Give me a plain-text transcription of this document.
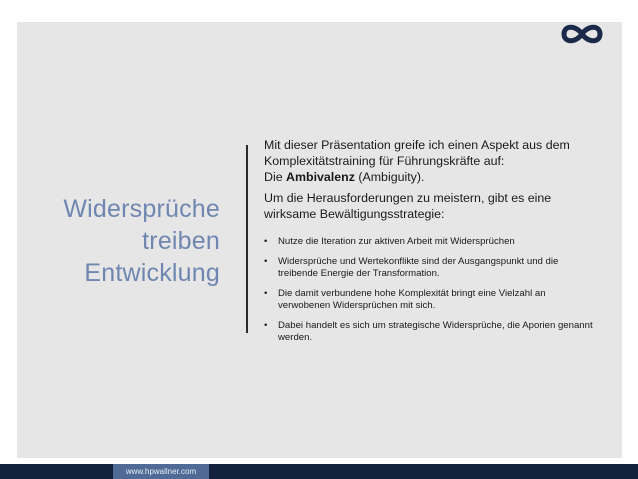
Widersprüche
treiben
Entwicklung

Mit dieser Präsentation greife ich einen Aspekt aus dem Komplexitätstraining für Führungskräfte auf:
Die Ambivalenz (Ambiguity).

Um die Herausforderungen zu meistern, gibt es eine wirksame Bewältigungsstrategie:

• Nutze die Iteration zur aktiven Arbeit mit Widersprüchen
• Widersprüche und Wertekonflikte sind der Ausgangspunkt und die treibende Energie der Transformation.
• Die damit verbundene hohe Komplexität bringt eine Vielzahl an verwobenen Widersprüchen mit sich.
• Dabei handelt es sich um strategische Widersprüche, die Aporien genannt werden.
www.hpwallner.com
